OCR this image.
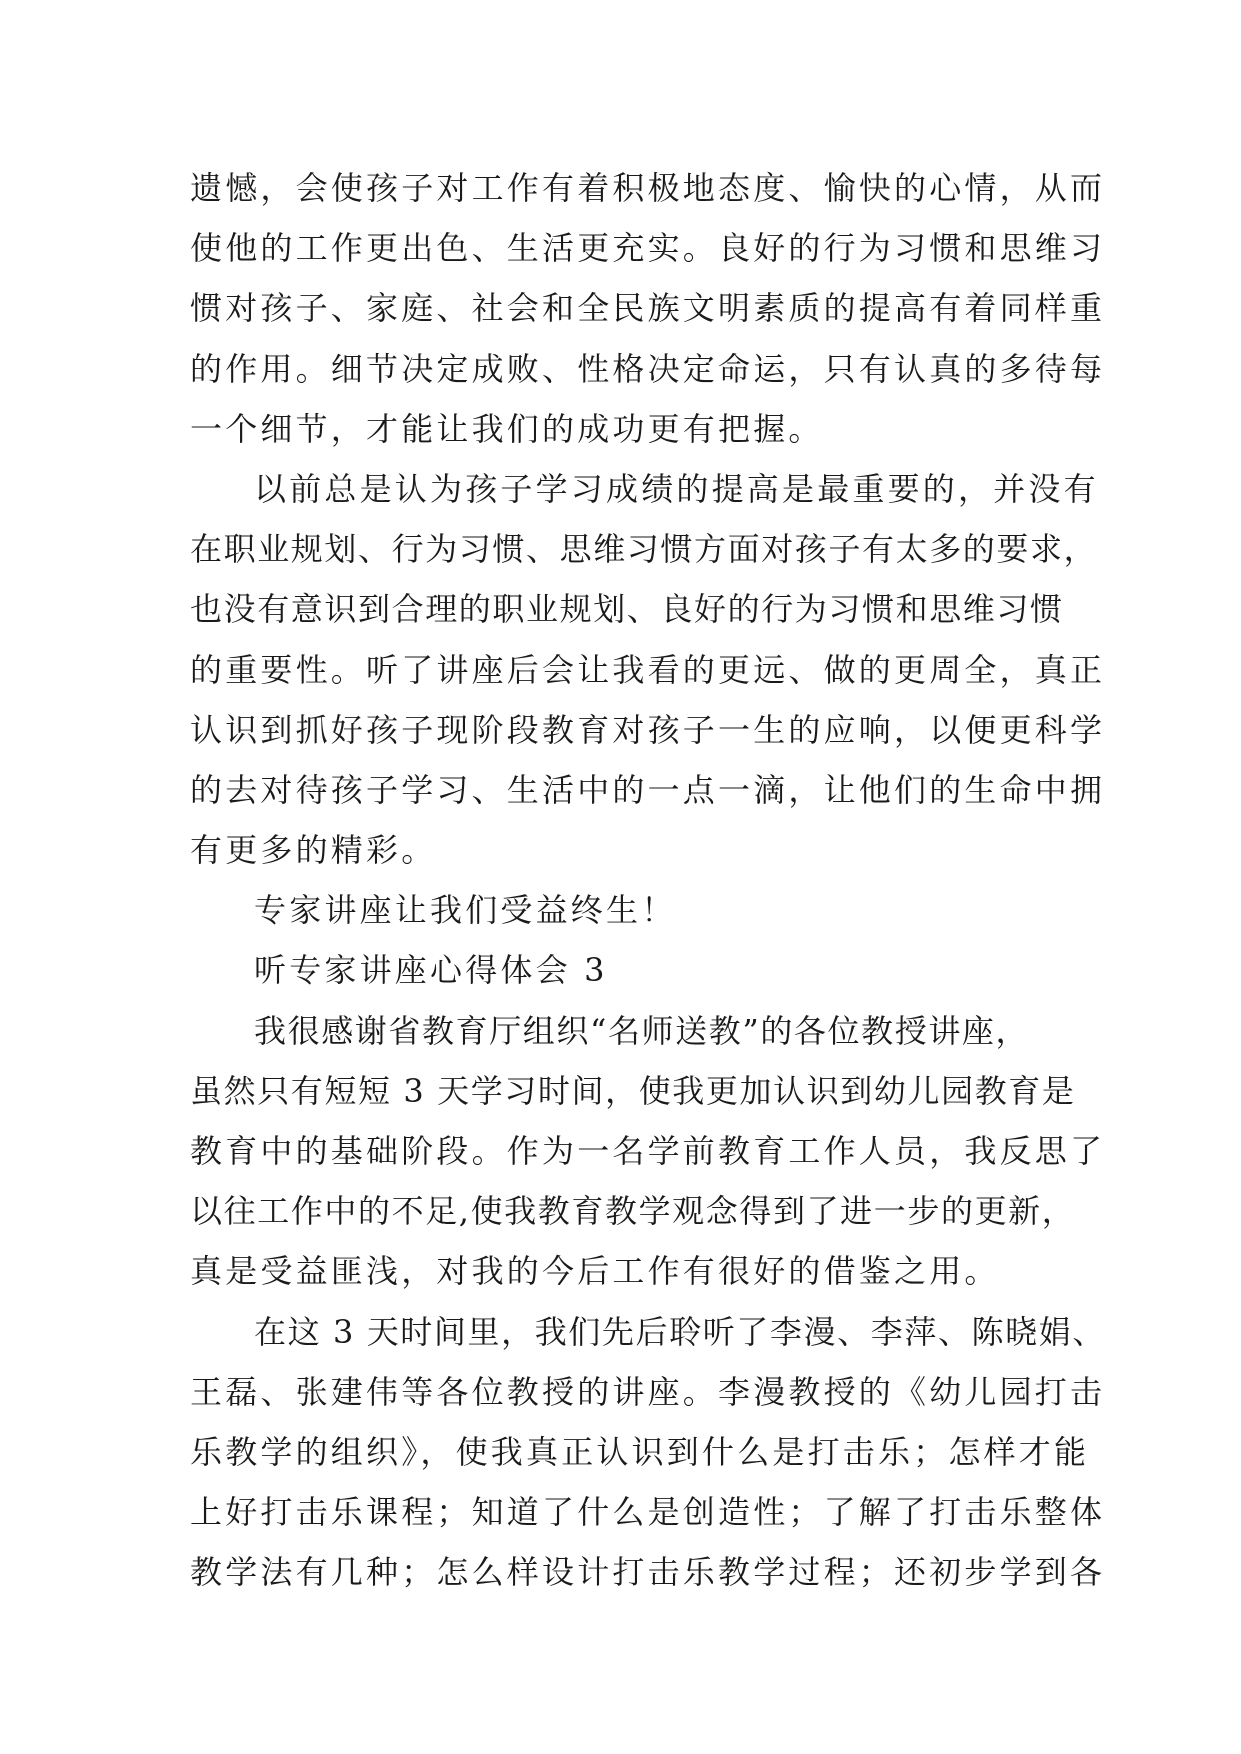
遗憾，会使孩子对工作有着积极地态度、愉快的心情，从而
使他的工作更出色、生活更充实。良好的行为习惯和思维习
惯对孩子、家庭、社会和全民族文明素质的提高有着同样重
的作用。细节决定成败、性格决定命运，只有认真的多待每
一个细节，才能让我们的成功更有把握。
以前总是认为孩子学习成绩的提高是最重要的，并没有
在职业规划、行为习惯、思维习惯方面对孩子有太多的要求，
也没有意识到合理的职业规划、良好的行为习惯和思维习惯
的重要性。听了讲座后会让我看的更远、做的更周全，真正
认识到抓好孩子现阶段教育对孩子一生的应响，以便更科学
的去对待孩子学习、生活中的一点一滴，让他们的生命中拥
有更多的精彩。
专家讲座让我们受益终生！
听专家讲座心得体会 3
我很感谢省教育厅组织“名师送教”的各位教授讲座，
虽然只有短短 3 天学习时间，使我更加认识到幼儿园教育是
教育中的基础阶段。作为一名学前教育工作人员，我反思了
以往工作中的不足,使我教育教学观念得到了进一步的更新，
真是受益匪浅，对我的今后工作有很好的借鉴之用。
在这 3 天时间里，我们先后聆听了李漫、李萍、陈晓娟、
王磊、张建伟等各位教授的讲座。李漫教授的《幼儿园打击
乐教学的组织》，使我真正认识到什么是打击乐；怎样才能
上好打击乐课程；知道了什么是创造性；了解了打击乐整体
教学法有几种；怎么样设计打击乐教学过程；还初步学到各
